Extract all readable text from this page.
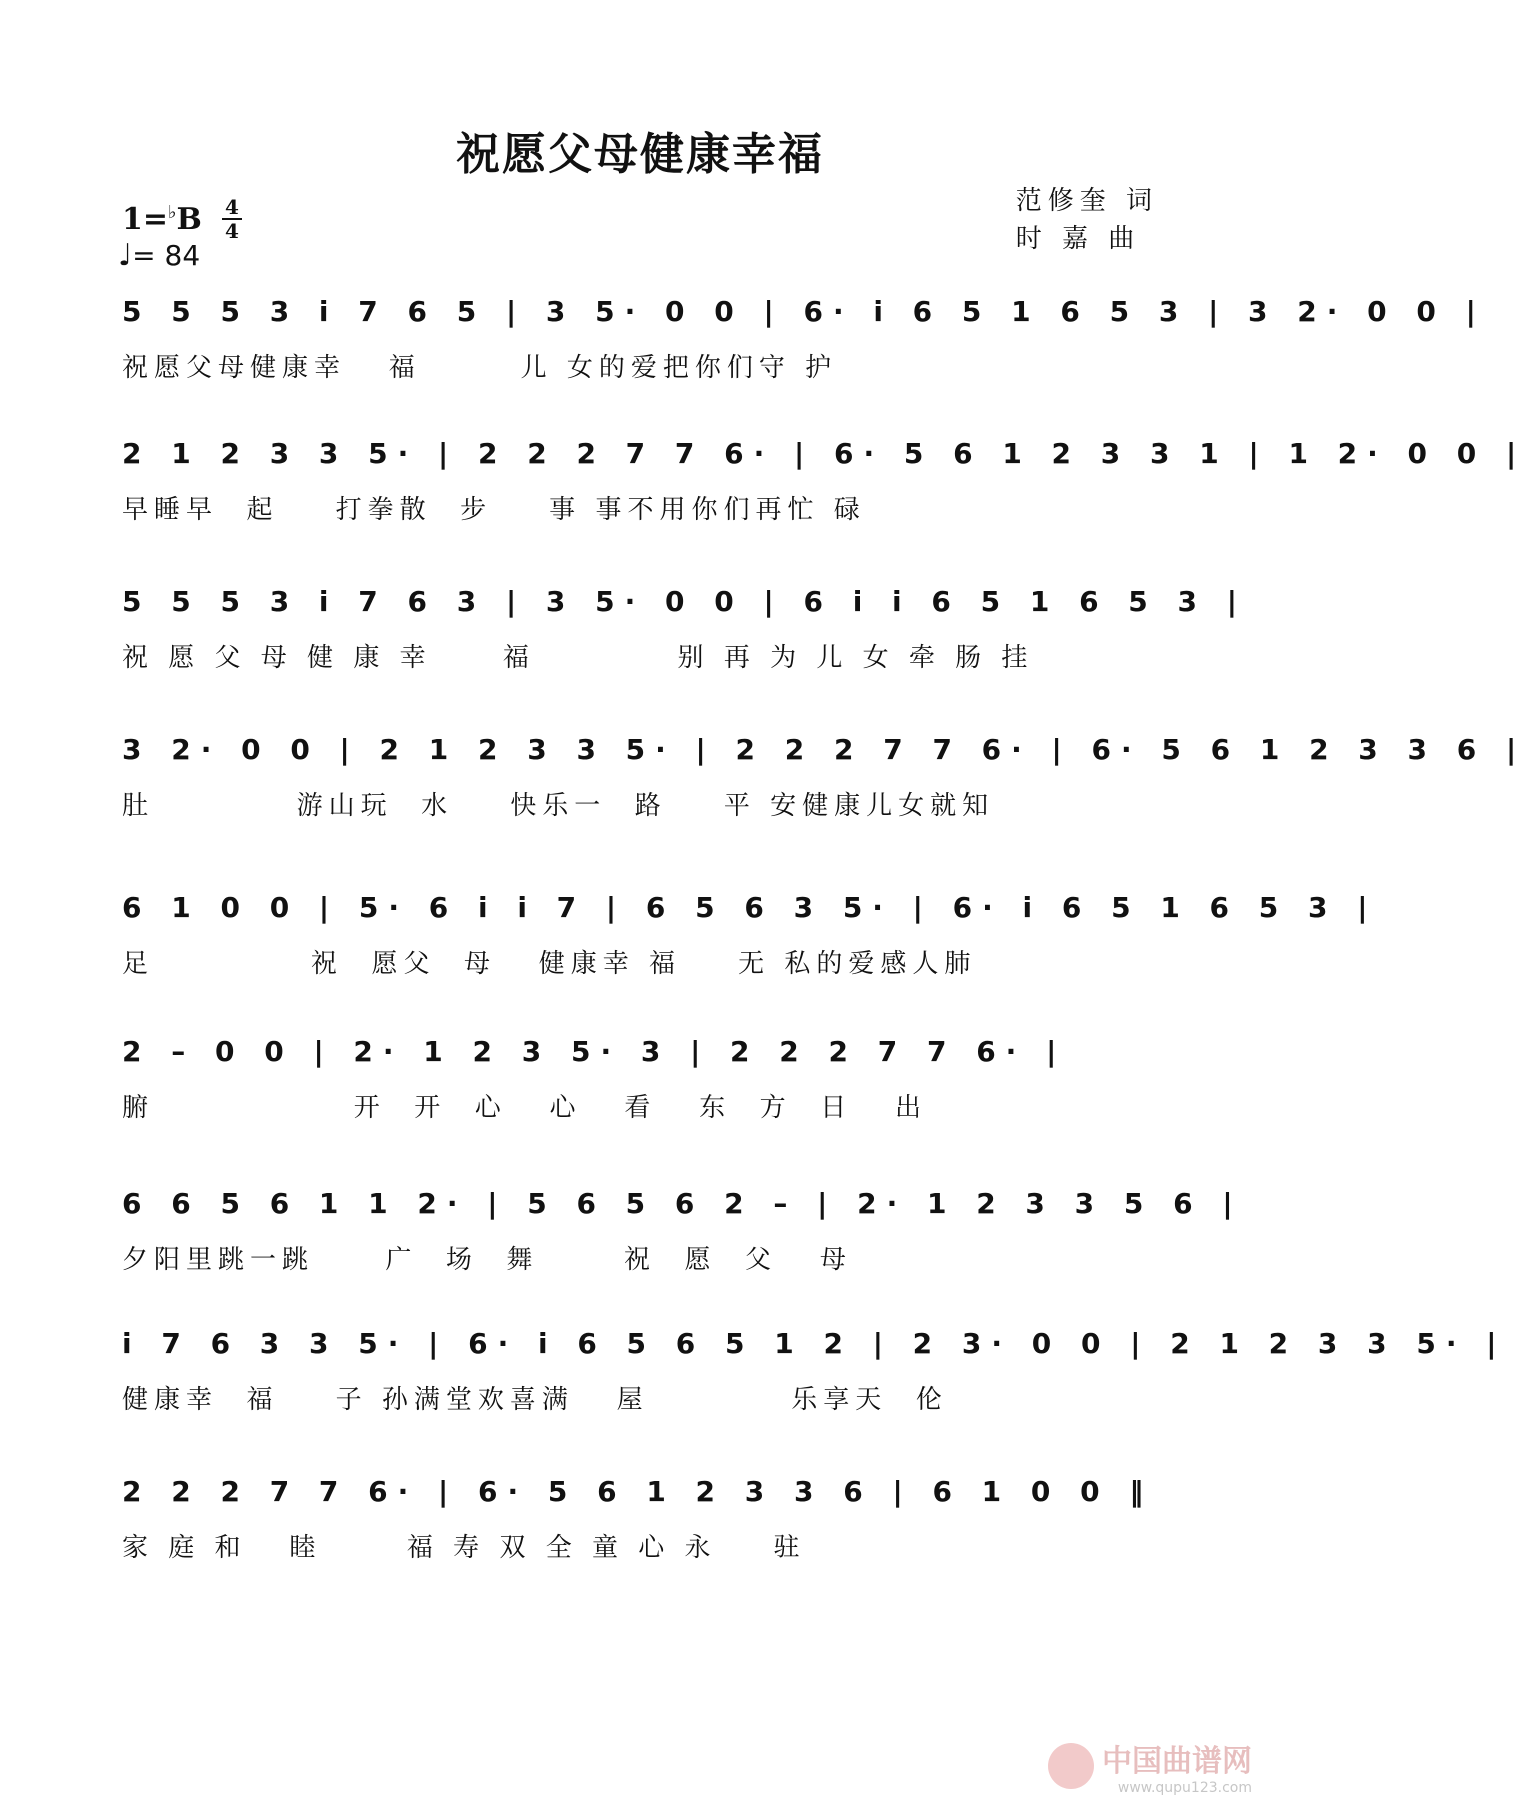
祝愿父母健康幸福
1=♭B 4
4
♩= 84
范修奎 词
时 嘉 曲
5 5 5 3 i 7 6 5 | 3 5· 0 0 | 6· i 6 5 1 6 5 3 | 3 2· 0 0 |
祝愿父母健康幸   福       儿 女的爱把你们守 护
2 1 2 3 3 5· | 2 2 2 7 7 6· | 6· 5 6 1 2 3 3 1 | 1 2· 0 0 |
早睡早  起    打拳散  步    事 事不用你们再忙 碌
5 5 5 3 i 7 6 3 | 3 5· 0 0 | 6 i i 6 5 1 6 5 3 |
祝 愿 父 母 健 康 幸     福          别 再 为 儿 女 牵 肠 挂
3 2· 0 0 | 2 1 2 3 3 5· | 2 2 2 7 7 6· | 6· 5 6 1 2 3 3 6 |
肚          游山玩  水    快乐一  路    平 安健康儿女就知
6 1 0 0 | 5· 6 i i 7 | 6 5 6 3 5· | 6· i 6 5 1 6 5 3 |
足           祝  愿父  母   健康幸 福    无 私的爱感人肺
2 – 0 0 | 2· 1 2 3 5· 3 | 2 2 2 7 7 6· |
腑              开  开  心   心   看   东  方  日   出
6 6 5 6 1 1 2· | 5 6 5 6 2 – | 2· 1 2 3 3 5 6 |
夕阳里跳一跳     广  场  舞      祝  愿  父   母
i 7 6 3 3 5· | 6· i 6 5 6 5 1 2 | 2 3· 0 0 | 2 1 2 3 3 5· |
健康幸  福    子 孙满堂欢喜满   屋          乐享天  伦
2 2 2 7 7 6· | 6· 5 6 1 2 3 3 6 | 6 1 0 0 ‖
家 庭 和   睦      福 寿 双 全 童 心 永    驻
中国曲谱网
www.qupu123.com
